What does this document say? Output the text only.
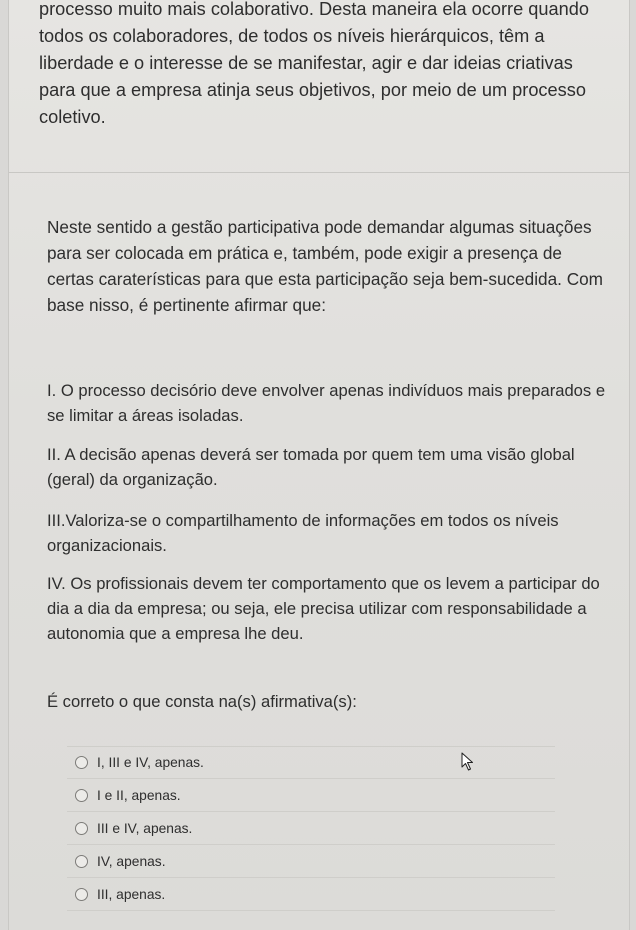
processo muito mais colaborativo. Desta maneira ela ocorre quando todos os colaboradores, de todos os níveis hierárquicos, têm a liberdade e o interesse de se manifestar, agir e dar ideias criativas para que a empresa atinja seus objetivos, por meio de um processo coletivo.

Neste sentido a gestão participativa pode demandar algumas situações para ser colocada em prática e, também, pode exigir a presença de certas caraterísticas para que esta participação seja bem-sucedida. Com base nisso, é pertinente afirmar que:

I. O processo decisório deve envolver apenas indivíduos mais preparados e se limitar a áreas isoladas.

II. A decisão apenas deverá ser tomada por quem tem uma visão global (geral) da organização.

III.Valoriza-se o compartilhamento de informações em todos os níveis organizacionais.

IV. Os profissionais devem ter comportamento que os levem a participar do dia a dia da empresa; ou seja, ele precisa utilizar com responsabilidade a autonomia que a empresa lhe deu.

É correto o que consta na(s) afirmativa(s):

I, III e IV, apenas.
I e II, apenas.
III e IV, apenas.
IV, apenas.
III, apenas.
